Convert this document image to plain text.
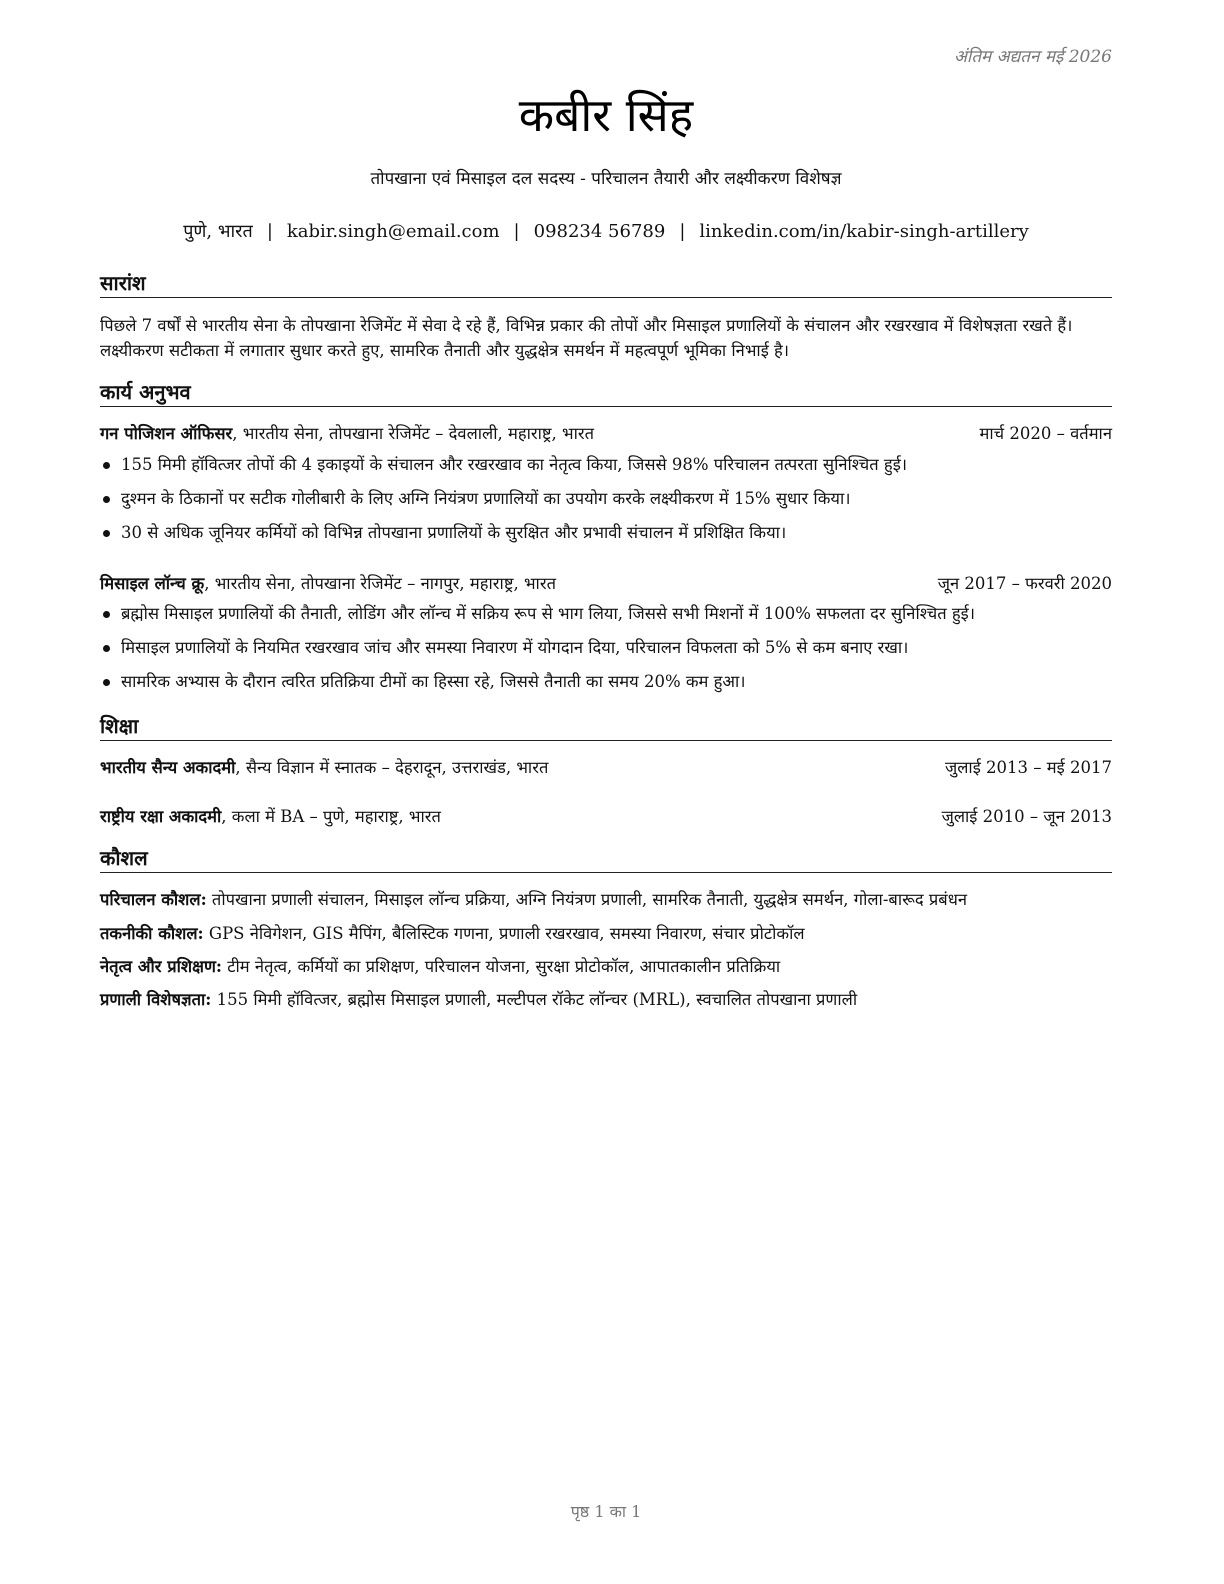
अंतिम अद्यतन मई 2026
कबीर सिंह
तोपखाना एवं मिसाइल दल सदस्य - परिचालन तैयारी और लक्ष्यीकरण विशेषज्ञ
पुणे, भारत | kabir.singh@email.com | 098234 56789 | linkedin.com/in/kabir-singh-artillery
सारांश
पिछले 7 वर्षों से भारतीय सेना के तोपखाना रेजिमेंट में सेवा दे रहे हैं, विभिन्न प्रकार की तोपों और मिसाइल प्रणालियों के संचालन और रखरखाव में विशेषज्ञता रखते हैं। लक्ष्यीकरण सटीकता में लगातार सुधार करते हुए, सामरिक तैनाती और युद्धक्षेत्र समर्थन में महत्वपूर्ण भूमिका निभाई है।
कार्य अनुभव
गन पोजिशन ऑफिसर, भारतीय सेना, तोपखाना रेजिमेंट – देवलाली, महाराष्ट्र, भारत	मार्च 2020 – वर्तमान
155 मिमी हॉवित्जर तोपों की 4 इकाइयों के संचालन और रखरखाव का नेतृत्व किया, जिससे 98% परिचालन तत्परता सुनिश्चित हुई।
दुश्मन के ठिकानों पर सटीक गोलीबारी के लिए अग्नि नियंत्रण प्रणालियों का उपयोग करके लक्ष्यीकरण में 15% सुधार किया।
30 से अधिक जूनियर कर्मियों को विभिन्न तोपखाना प्रणालियों के सुरक्षित और प्रभावी संचालन में प्रशिक्षित किया।
मिसाइल लॉन्च क्रू, भारतीय सेना, तोपखाना रेजिमेंट – नागपुर, महाराष्ट्र, भारत	जून 2017 – फरवरी 2020
ब्रह्मोस मिसाइल प्रणालियों की तैनाती, लोडिंग और लॉन्च में सक्रिय रूप से भाग लिया, जिससे सभी मिशनों में 100% सफलता दर सुनिश्चित हुई।
मिसाइल प्रणालियों के नियमित रखरखाव जांच और समस्या निवारण में योगदान दिया, परिचालन विफलता को 5% से कम बनाए रखा।
सामरिक अभ्यास के दौरान त्वरित प्रतिक्रिया टीमों का हिस्सा रहे, जिससे तैनाती का समय 20% कम हुआ।
शिक्षा
भारतीय सैन्य अकादमी, सैन्य विज्ञान में स्नातक – देहरादून, उत्तराखंड, भारत	जुलाई 2013 – मई 2017
राष्ट्रीय रक्षा अकादमी, कला में BA – पुणे, महाराष्ट्र, भारत	जुलाई 2010 – जून 2013
कौशल
परिचालन कौशल: तोपखाना प्रणाली संचालन, मिसाइल लॉन्च प्रक्रिया, अग्नि नियंत्रण प्रणाली, सामरिक तैनाती, युद्धक्षेत्र समर्थन, गोला-बारूद प्रबंधन
तकनीकी कौशल: GPS नेविगेशन, GIS मैपिंग, बैलिस्टिक गणना, प्रणाली रखरखाव, समस्या निवारण, संचार प्रोटोकॉल
नेतृत्व और प्रशिक्षण: टीम नेतृत्व, कर्मियों का प्रशिक्षण, परिचालन योजना, सुरक्षा प्रोटोकॉल, आपातकालीन प्रतिक्रिया
प्रणाली विशेषज्ञता: 155 मिमी हॉवित्जर, ब्रह्मोस मिसाइल प्रणाली, मल्टीपल रॉकेट लॉन्चर (MRL), स्वचालित तोपखाना प्रणाली
पृष्ठ 1 का 1
